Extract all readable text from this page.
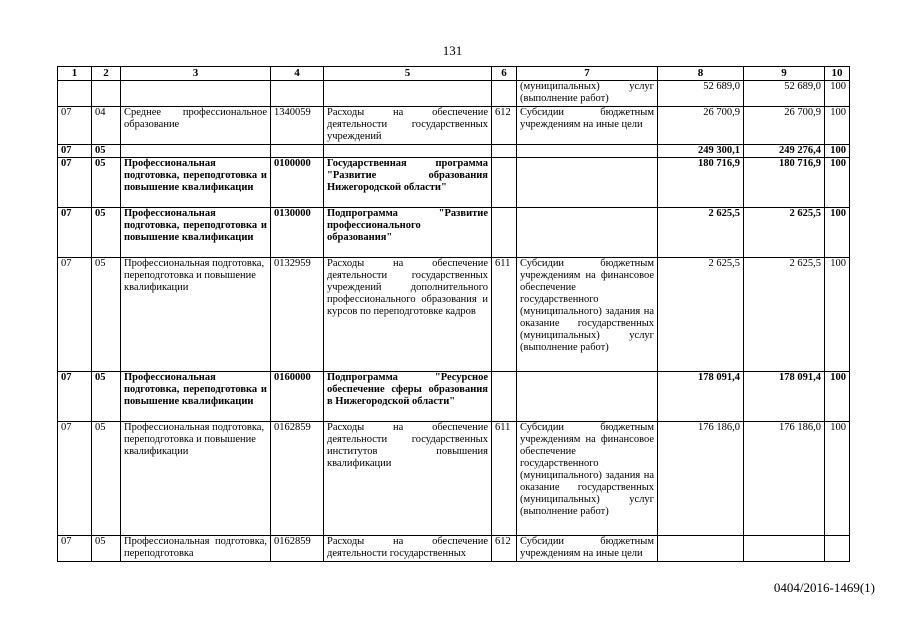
131
1	2	3	4	5	6	7	8	9	10
						(муниципальных) услуг (выполнение работ)	52 689,0	52 689,0	100
07	04	Среднее профессиональное образование	1340059	Расходы на обеспечение деятельности государственных учреждений	612	Субсидии бюджетным учреждениям на иные цели	26 700,9	26 700,9	100
07	05						249 300,1	249 276,4	100
07	05	Профессиональная подготовка, переподготовка и повышение квалификации	0100000	Государственная программа "Развитие образования Нижегородской области"			180 716,9	180 716,9	100
07	05	Профессиональная подготовка, переподготовка и повышение квалификации	0130000	Подпрограмма "Развитие профессионального образования"			2 625,5	2 625,5	100
07	05	Профессиональная подготовка, переподготовка и повышение квалификации	0132959	Расходы на обеспечение деятельности государственных учреждений дополнительного профессионального образования и курсов по переподготовке кадров	611	Субсидии бюджетным учреждениям на финансовое обеспечение государственного (муниципального) задания на оказание государственных (муниципальных) услуг (выполнение работ)	2 625,5	2 625,5	100
07	05	Профессиональная подготовка, переподготовка и повышение квалификации	0160000	Подпрограмма "Ресурсное обеспечение сферы образования в Нижегородской области"			178 091,4	178 091,4	100
07	05	Профессиональная подготовка, переподготовка и повышение квалификации	0162859	Расходы на обеспечение деятельности государственных институтов повышения квалификации	611	Субсидии бюджетным учреждениям на финансовое обеспечение государственного (муниципального) задания на оказание государственных (муниципальных) услуг (выполнение работ)	176 186,0	176 186,0	100
07	05	Профессиональная подготовка, переподготовка	0162859	Расходы на обеспечение деятельности государственных	612	Субсидии бюджетным учреждениям на иные цели			
0404/2016-1469(1)
